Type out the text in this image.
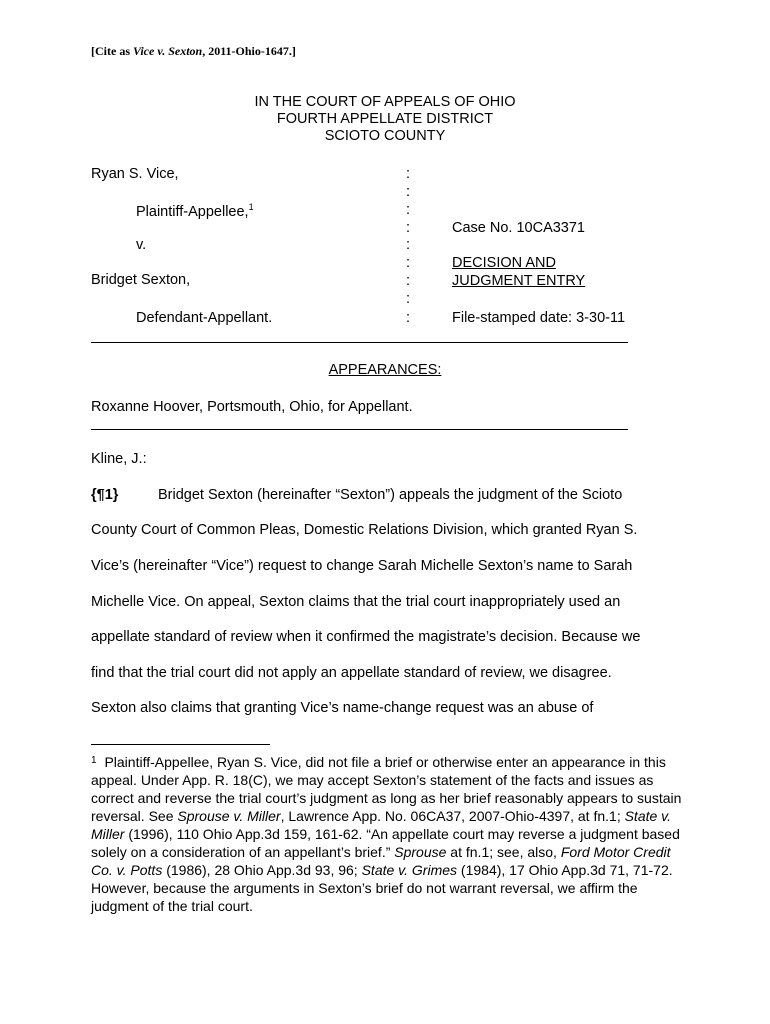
[Cite as Vice v. Sexton, 2011-Ohio-1647.]
IN THE COURT OF APPEALS OF OHIO
FOURTH APPELLATE DISTRICT
SCIOTO COUNTY
Ryan S. Vice,
Plaintiff-Appellee,$^1$
v.
Bridget Sexton,
Defendant-Appellant.
:
:
:
:
:
:
:
:
:
Case No. 10CA3371
DECISION AND
JUDGMENT ENTRY
File-stamped date: 3-30-11
APPEARANCES:
Roxanne Hoover, Portsmouth, Ohio, for Appellant.
Kline, J.:
{¶1}	Bridget Sexton (hereinafter “Sexton”) appeals the judgment of the Scioto
County Court of Common Pleas, Domestic Relations Division, which granted Ryan S.
Vice’s (hereinafter “Vice”) request to change Sarah Michelle Sexton’s name to Sarah
Michelle Vice. On appeal, Sexton claims that the trial court inappropriately used an
appellate standard of review when it confirmed the magistrate’s decision. Because we
find that the trial court did not apply an appellate standard of review, we disagree.
Sexton also claims that granting Vice’s name-change request was an abuse of
$^1$ Plaintiff-Appellee, Ryan S. Vice, did not file a brief or otherwise enter an appearance in this appeal. Under App. R. 18(C), we may accept Sexton’s statement of the facts and issues as correct and reverse the trial court’s judgment as long as her brief reasonably appears to sustain reversal. See Sprouse v. Miller, Lawrence App. No. 06CA37, 2007-Ohio-4397, at fn.1; State v. Miller (1996), 110 Ohio App.3d 159, 161-62. “An appellate court may reverse a judgment based solely on a consideration of an appellant’s brief.” Sprouse at fn.1; see, also, Ford Motor Credit Co. v. Potts (1986), 28 Ohio App.3d 93, 96; State v. Grimes (1984), 17 Ohio App.3d 71, 71-72. However, because the arguments in Sexton’s brief do not warrant reversal, we affirm the judgment of the trial court.
